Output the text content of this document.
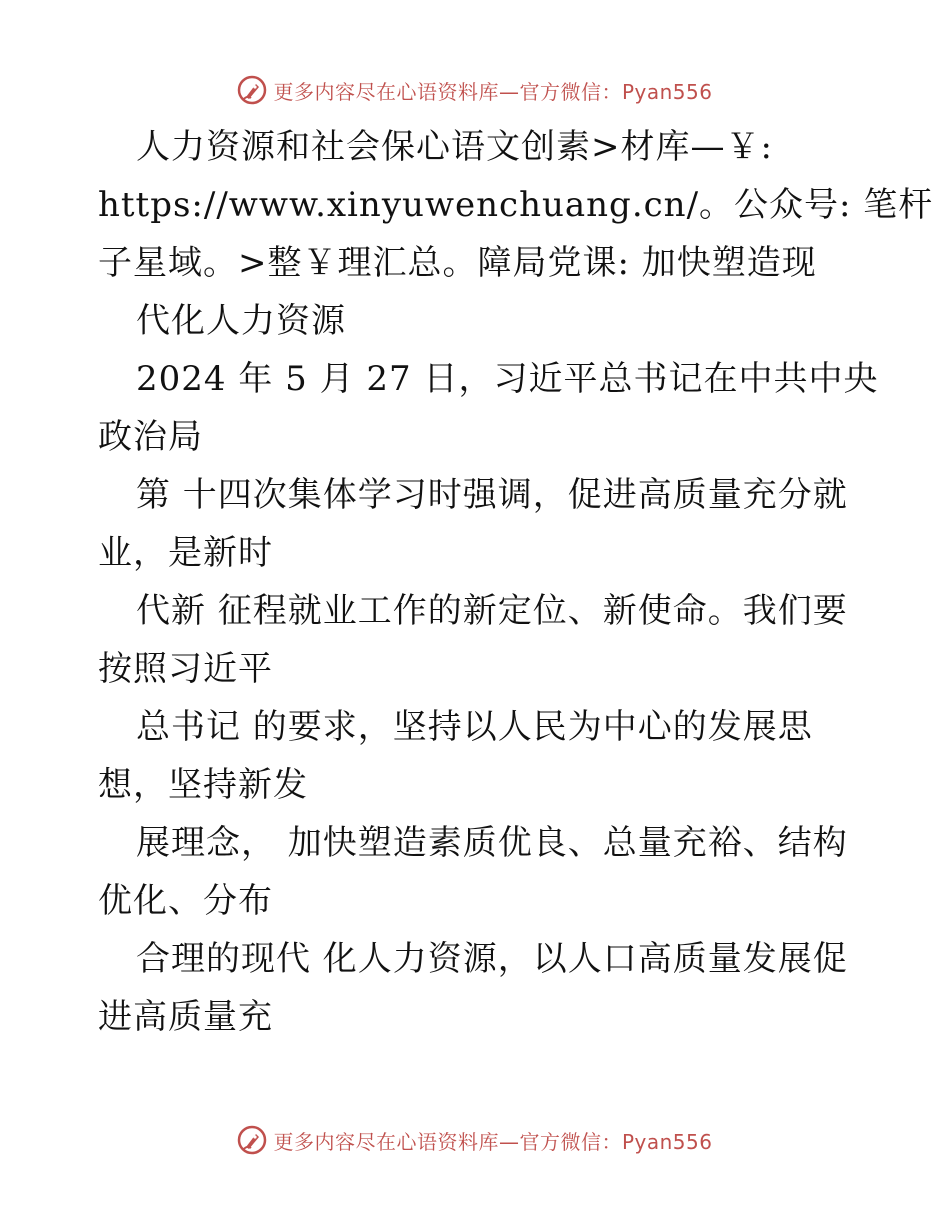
更多内容尽在心语资料库—官方微信：Pyan556
人力资源和社会保心语文创素>材库—￥:
https://www.xinyuwenchuang.cn/。公众号: 笔杆
子星域。>整￥理汇总。障局党课: 加快塑造现
代化人力资源
2024 年 5 月 27 日，习近平总书记在中共中央
政治局
第 十四次集体学习时强调，促进高质量充分就
业，是新时
代新 征程就业工作的新定位、新使命。我们要
按照习近平
总书记 的要求，坚持以人民为中心的发展思
想，坚持新发
展理念， 加快塑造素质优良、总量充裕、结构
优化、分布
合理的现代 化人力资源，以人口高质量发展促
进高质量充
更多内容尽在心语资料库—官方微信：Pyan556
